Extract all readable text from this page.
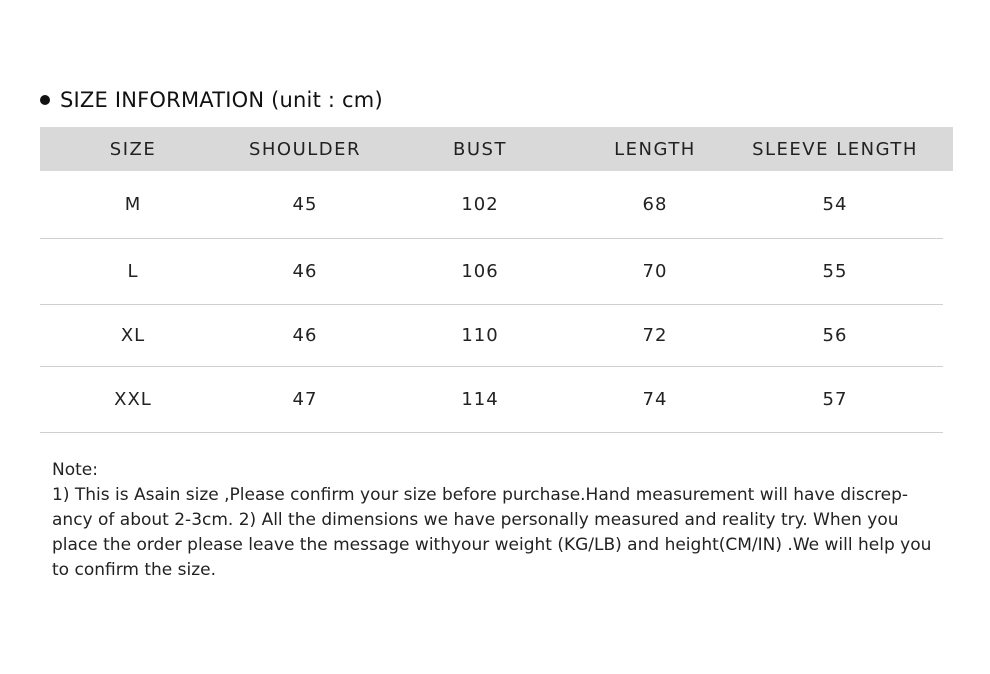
SIZE INFORMATION (unit : cm)
SIZE	SHOULDER	BUST	LENGTH	SLEEVE LENGTH
M	45	102	68	54
L	46	106	70	55
XL	46	110	72	56
XXL	47	114	74	57

Note:

1) This is Asain size ,Please confirm your size before purchase.Hand measurement will have discrep-ancy of about 2-3cm. 2) All the dimensions we have personally measured and reality try. When you place the order please leave the message withyour weight (KG/LB) and height(CM/IN) .We will help you to confirm the size.
